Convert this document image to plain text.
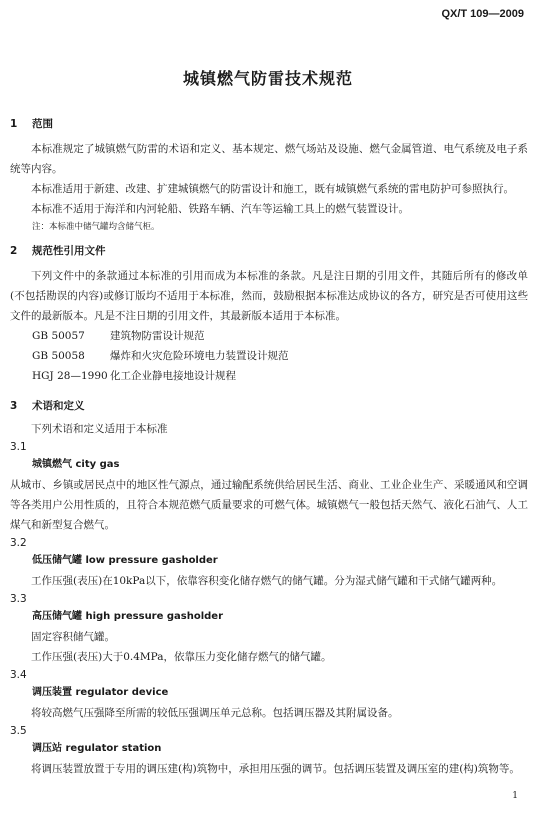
QX/T 109—2009
城镇燃气防雷技术规范

1 范围

本标准规定了城镇燃气防雷的术语和定义、基本规定、燃气场站及设施、燃气金属管道、电气系统及电子系统等内容。

本标准适用于新建、改建、扩建城镇燃气的防雷设计和施工，既有城镇燃气系统的雷电防护可参照执行。

本标准不适用于海洋和内河轮船、铁路车辆、汽车等运输工具上的燃气装置设计。

注：本标准中储气罐均含储气柜。

2 规范性引用文件

下列文件中的条款通过本标准的引用而成为本标准的条款。凡是注日期的引用文件，其随后所有的修改单(不包括勘误的内容)或修订版均不适用于本标准，然而，鼓励根据本标准达成协议的各方，研究是否可使用这些文件的最新版本。凡是不注日期的引用文件，其最新版本适用于本标准。

GB 50057 建筑物防雷设计规范

GB 50058 爆炸和火灾危险环境电力装置设计规范

HGJ 28—1990 化工企业静电接地设计规程

3 术语和定义

下列术语和定义适用于本标准

3.1

城镇燃气 city gas

从城市、乡镇或居民点中的地区性气源点，通过输配系统供给居民生活、商业、工业企业生产、采暖通风和空调等各类用户公用性质的，且符合本规范燃气质量要求的可燃气体。城镇燃气一般包括天然气、液化石油气、人工煤气和新型复合燃气。

3.2

低压储气罐 low pressure gasholder

工作压强(表压)在10kPa以下，依靠容积变化储存燃气的储气罐。分为湿式储气罐和干式储气罐两种。

3.3

高压储气罐 high pressure gasholder

固定容积储气罐。

工作压强(表压)大于0.4MPa，依靠压力变化储存燃气的储气罐。

3.4

调压装置 regulator device

将较高燃气压强降至所需的较低压强调压单元总称。包括调压器及其附属设备。

3.5

调压站 regulator station

将调压装置放置于专用的调压建(构)筑物中，承担用压强的调节。包括调压装置及调压室的建(构)筑物等。

1
